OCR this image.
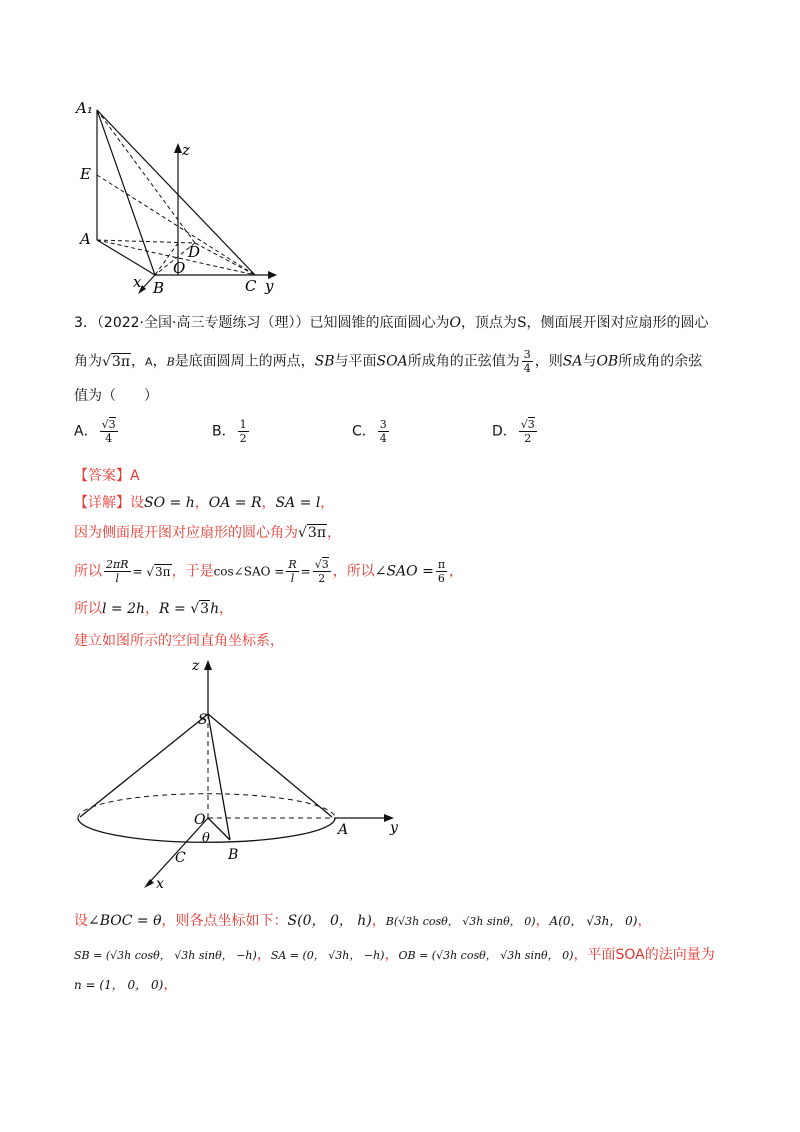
A₁
z
E
A
D
O
x B	C y
3．（2022·全国·高三专题练习（理））已知圆锥的底面圆心为O，顶点为S，侧面展开图对应扇形的圆心
角为√3π，A，B是底面圆周上的两点，SB与平面SOA所成角的正弦值为 $\frac{3}{4}$ ，则SA与OB所成角的余弦
值为（　　）
A． $\frac{√3}{4}$	B． $\frac{1}{2}$	C． $\frac{3}{4}$	D． $\frac{√3}{2}$
【答案】A
【详解】设SO = h，OA = R，SA = l，
因为侧面展开图对应扇形的圆心角为√3π，
所以 $\frac{2\pi R}{l} = √3\pi$，于是cos∠SAO = $\frac{R}{l} = \frac{√3}{2}$ ，所以∠SAO = $\frac{\pi}{6}$ ，
所以l = 2h，R = √3h，
建立如图所示的空间直角坐标系，
z
S
O
θ
C	B
A	y
x
设∠BOC = θ，则各点坐标如下：S(0， 0， h)，B(√3h cosθ， √3h sinθ， 0)，A(0， √3h， 0)，
SB = (√3h cosθ， √3h sinθ， −h)，SA = (0， √3h， −h)，OB = (√3h cosθ， √3h sinθ， 0)，平面SOA的法向量为
n = (1， 0， 0)，
